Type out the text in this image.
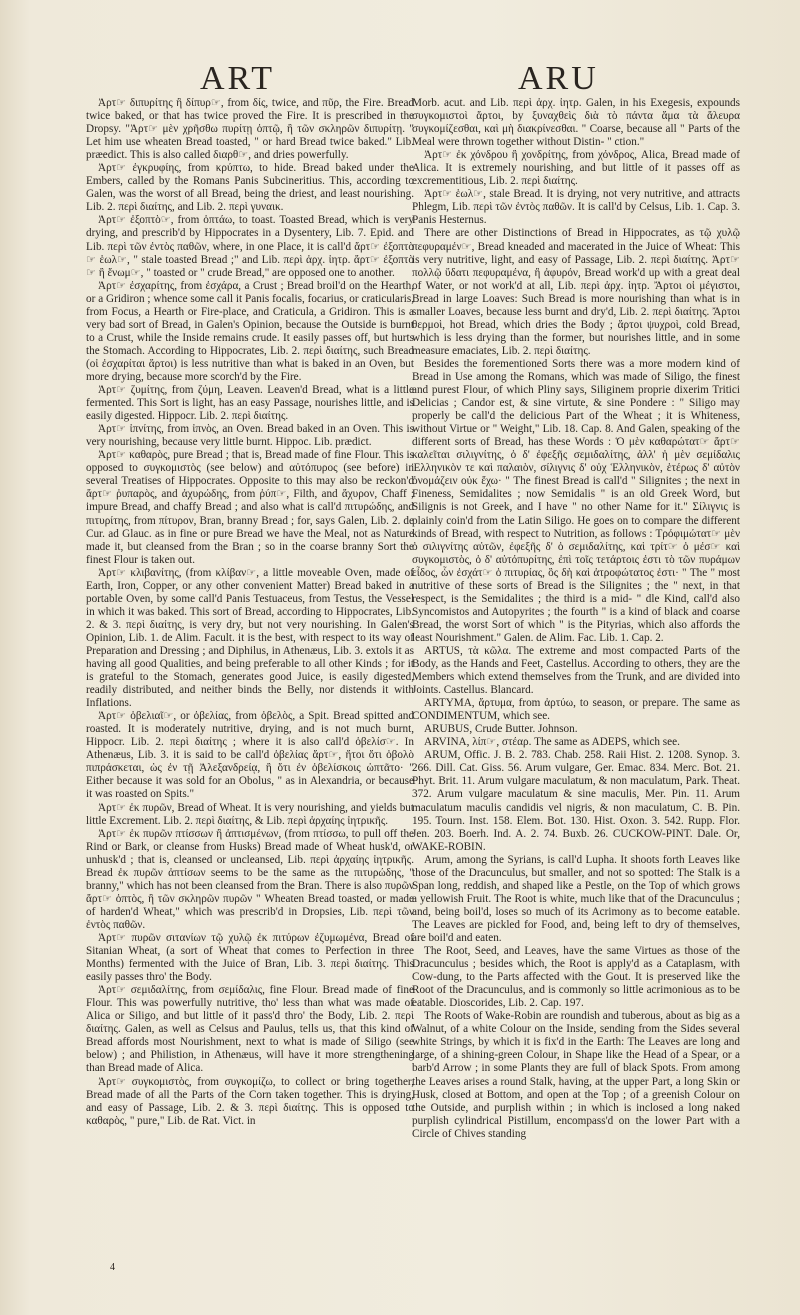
ART	ARU

Ἀρτ☞ διπυρίτης ἢ δίπυρ☞, from δίς, twice, and πῦρ, the Fire. Bread twice baked, or that has twice proved the Fire. It is prescribed in the Dropsy. "Ἀρτ☞ μὲν χρῆσθω πυρίτῃ ὀπτῷ, ἢ τῶν σκληρῶν διπυρίτῃ. " Let him use wheaten Bread toasted, " or hard Bread twice baked." Lib. præedict. This is also called διαρθ☞, and dries powerfully.

Ἀρτ☞ ἐγκρυφίης, from κρύπτω, to hide. Bread baked under the Embers, called by the Romans Panis Subcineritius. This, according to Galen, was the worst of all Bread, being the driest, and least nourishing. Lib. 2. περὶ διαίτης, and Lib. 2. περὶ γυναικ.

Ἀρτ☞ ἐξοπτὸ☞, from ὀπτάω, to toast. Toasted Bread, which is very drying, and prescrib'd by Hippocrates in a Dysentery, Lib. 7. Epid. and Lib. περὶ τῶν ἐντὸς παθῶν, where, in one Place, it is call'd ἄρτ☞ ἐξοπτὸ☞ ἑωλ☞, " stale toasted Bread ;" and Lib. περὶ ἀρχ. ἰητρ. ἄρτ☞ ἐξοπτὸ☞ ἢ ἔνωμ☞, " toasted or " crude Bread," are opposed one to another.

Ἀρτ☞ ἐσχαρίτης, from ἐσχάρα, a Crust ; Bread broil'd on the Hearth, or a Gridiron ; whence some call it Panis focalis, focarius, or craticularis, from Focus, a Hearth or Fire-place, and Craticula, a Gridiron. This is a very bad sort of Bread, in Galen's Opinion, because the Outside is burnt to a Crust, while the Inside remains crude. It easily passes off, but hurts the Stomach. According to Hippocrates, Lib. 2. περὶ διαίτης, such Bread (οἱ ἐσχαρίται ἄρτοι) is less nutritive than what is baked in an Oven, but more drying, because more scorch'd by the Fire.

Ἀρτ☞ ζυμίτης, from ζύμη, Leaven. Leaven'd Bread, what is a little fermented. This Sort is light, has an easy Passage, nourishes little, and is easily digested. Hippocr. Lib. 2. περὶ διαίτης.

Ἀρτ☞ ἰπνίτης, from ἰπνὸς, an Oven. Bread baked in an Oven. This is very nourishing, because very little burnt. Hippoc. Lib. prædict.

Ἀρτ☞ καθαρὸς, pure Bread ; that is, Bread made of fine Flour. This is opposed to συγκομιστὸς (see below) and αὐτόπυρος (see before) in several Treatises of Hippocrates. Opposite to this may also be reckon'd ἄρτ☞ ῥυπαρὸς, and ἀχυρώδης, from ῥύπ☞, Filth, and ἄχυρον, Chaff ; impure Bread, and chaffy Bread ; and also what is call'd πιτυρώδης, and πιτυρίτης, from πίτυρον, Bran, branny Bread ; for, says Galen, Lib. 2. de Cur. ad Glauc. as in fine or pure Bread we have the Meal, not as Nature made it, but cleansed from the Bran ; so in the coarse branny Sort the finest Flour is taken out.

Ἀρτ☞ κλιβανίτης, (from κλίβαν☞, a little moveable Oven, made of Earth, Iron, Copper, or any other convenient Matter) Bread baked in a portable Oven, by some call'd Panis Testuaceus, from Testus, the Vessel in which it was baked. This sort of Bread, according to Hippocrates, Lib. 2. & 3. περὶ διαίτης, is very dry, but not very nourishing. In Galen's Opinion, Lib. 1. de Alim. Facult. it is the best, with respect to its way of Preparation and Dressing ; and Diphilus, in Athenæus, Lib. 3. extols it as having all good Qualities, and being preferable to all other Kinds ; for it is grateful to the Stomach, generates good Juice, is easily digested, readily distributed, and neither binds the Belly, nor distends it with Inflations.

Ἀρτ☞ ὀβελιαῖ☞, or ὀβελίας, from ὀβελὸς, a Spit. Bread spitted and roasted. It is moderately nutritive, drying, and is not much burnt, Hippocr. Lib. 2. περὶ διαίτης ; where it is also call'd ὀβελίσ☞. In Athenæus, Lib. 3. it is said to be call'd ὀβελίας ἄρτ☞, ἤτοι ὅτι ὀβολὸ πιπράσκεται, ὡς ἐν τῇ Ἀλεξανδρείᾳ, ἢ ὅτι ἐν ὀβελίσκοις ὠπτᾶτο· " Either because it was sold for an Obolus, " as in Alexandria, or because it was roasted on Spits."

Ἀρτ☞ ἐκ πυρῶν, Bread of Wheat. It is very nourishing, and yields but little Excrement. Lib. 2. περὶ διαίτης, & Lib. περὶ ἀρχαίης ἰητρικῆς.

Ἀρτ☞ ἐκ πυρῶν πτίσσων ἢ ἀπτισμένων, (from πτίσσω, to pull off the Rind or Bark, or cleanse from Husks) Bread made of Wheat husk'd, or unhusk'd ; that is, cleansed or uncleansed, Lib. περὶ ἀρχαίης ἰητρικῆς. Bread ἐκ πυρῶν ἀπτίσων seems to be the same as the πιτυρώδης, " branny," which has not been cleansed from the Bran. There is also πυρῶν ἄρτ☞ ὀπτὸς, ἢ τῶν σκληρῶν πυρῶν " Wheaten Bread toasted, or made of harden'd Wheat," which was prescrib'd in Dropsies, Lib. περὶ τῶν ἐντὸς παθῶν.

Ἀρτ☞ πυρῶν σιτανίων τῷ χυλῷ ἐκ πιτύρων ἐζυμωμένα, Bread of Sitanian Wheat, (a sort of Wheat that comes to Perfection in three Months) fermented with the Juice of Bran, Lib. 3. περὶ διαίτης. This easily passes thro' the Body.

Ἀρτ☞ σεμιδαλίτης, from σεμίδαλις, fine Flour. Bread made of fine Flour. This was powerfully nutritive, tho' less than what was made of Alica or Siligo, and but little of it pass'd thro' the Body, Lib. 2. περὶ διαίτης. Galen, as well as Celsus and Paulus, tells us, that this kind of Bread affords most Nourishment, next to what is made of Siligo (see below) ; and Philistion, in Athenæus, will have it more strengthening than Bread made of Alica.

Ἀρτ☞ συγκομιστὸς, from συγκομίζω, to collect or bring together, Bread made of all the Parts of the Corn taken together. This is drying, and easy of Passage, Lib. 2. & 3. περὶ διαίτης. This is opposed to καθαρὸς, " pure," Lib. de Rat. Vict. in

Morb. acut. and Lib. περὶ ἀρχ. ἰητρ. Galen, in his Exegesis, expounds συγκομιστοὶ ἄρτοι, by ξυναχθεὶς διὰ τὸ πάντα ἅμα τὰ ἄλευρα συγκομίζεσθαι, καὶ μὴ διακρίνεσθαι. " Coarse, because all " Parts of the Meal were thrown together without Distin- " ction."

Ἀρτ☞ ἐκ χόνδρου ἢ χονδρίτης, from χόνδρος, Alica, Bread made of Alica. It is extremely nourishing, and but little of it passes off as excrementitious, Lib. 2. περὶ διαίτης.

Ἀρτ☞ ἑωλ☞, stale Bread. It is drying, not very nutritive, and attracts Phlegm, Lib. περὶ τῶν ἐντὸς παθῶν. It is call'd by Celsus, Lib. 1. Cap. 3. Panis Hesternus.

There are other Distinctions of Bread in Hippocrates, as τῷ χυλῷ πεφυραμέν☞, Bread kneaded and macerated in the Juice of Wheat: This is very nutritive, light, and easy of Passage, Lib. 2. περὶ διαίτης. Ἀρτ☞ πολλῷ ὕδατι πεφυραμένα, ἢ ἀφυρόν, Bread work'd up with a great deal of Water, or not work'd at all, Lib. περὶ ἀρχ. ἰητρ. Ἄρτοι οἱ μέγιστοι, Bread in large Loaves: Such Bread is more nourishing than what is in smaller Loaves, because less burnt and dry'd, Lib. 2. περὶ διαίτης. Ἄρτοι θερμοὶ, hot Bread, which dries the Body ; ἄρτοι ψυχροὶ, cold Bread, which is less drying than the former, but nourishes little, and in some measure emaciates, Lib. 2. περὶ διαίτης.

Besides the forementioned Sorts there was a more modern kind of Bread in Use among the Romans, which was made of Siligo, the finest and purest Flour, of which Pliny says, Siliginem proprie dixerim Tritici Delicias ; Candor est, & sine virtute, & sine Pondere : " Siligo may properly be call'd the delicious Part of the Wheat ; it is Whiteness, without Virtue or " Weight," Lib. 18. Cap. 8. And Galen, speaking of the different sorts of Bread, has these Words : Ὁ μὲν καθαρώτατ☞ ἄρτ☞ καλεῖται σιλιγνίτης, ὁ δ' ἐφεξῆς σεμιδαλίτης, ἀλλ' ἡ μὲν σεμίδαλις Ἑλληνικὸν τε καὶ παλαιὸν, σίλιγνις δ' οὐχ Ἑλληνικὸν, ἑτέρως δ' αὐτὸν ὀνομάζειν οὐκ ἔχω· " The finest Bread is call'd " Silignites ; the next in Fineness, Semidalites ; now Semidalis " is an old Greek Word, but Silignis is not Greek, and I have " no other Name for it." Σίλιγνις is plainly coin'd from the Latin Siligo. He goes on to compare the different kinds of Bread, with respect to Nutrition, as follows : Τρόφιμώτατ☞ μὲν ὁ σιλιγνίτης αὐτῶν, ἐφεξῆς δ' ὁ σεμιδαλίτης, καὶ τρίτ☞ ὁ μέσ☞ καὶ συγκομιστὸς, ὁ δ' αὐτόπυρίτης, ἐπὶ τοῖς τετάρτοις ἐστι τὸ τῶν πυράμων εἶδος, ὧν ἐσχάτ☞ ὁ πιτυρίας, ὃς δὴ καὶ ἀτροφώτατος ἐστι· " The " most nutritive of these sorts of Bread is the Silignites ; the " next, in that respect, is the Semidalites ; the third is a mid- " dle Kind, call'd also Syncomistos and Autopyrites ; the fourth " is a kind of black and coarse Bread, the worst Sort of which " is the Pityrias, which also affords the least Nourishment." Galen. de Alim. Fac. Lib. 1. Cap. 2.

ARTUS, τὰ κῶλα. The extreme and most compacted Parts of the Body, as the Hands and Feet, Castellus. According to others, they are the Members which extend themselves from the Trunk, and are divided into Joints. Castellus. Blancard.

ARTYMA, ἄρτυμα, from ἀρτύω, to season, or prepare. The same as CONDIMENTUM, which see.

ARUBUS, Crude Butter. Johnson.

ARVINA, λίπ☞, στέαρ. The same as ADEPS, which see.

ARUM, Offic. J. B. 2. 783. Chab. 258. Raii Hist. 2. 1208. Synop. 3. 266. Dill. Cat. Giss. 56. Arum vulgare, Ger. Emac. 834. Merc. Bot. 21. Phyt. Brit. 11. Arum vulgare maculatum, & non maculatum, Park. Theat. 372. Arum vulgare maculatum & sine maculis, Mer. Pin. 11. Arum maculatum maculis candidis vel nigris, & non maculatum, C. B. Pin. 195. Tourn. Inst. 158. Elem. Bot. 130. Hist. Oxon. 3. 542. Rupp. Flor. Jen. 203. Boerh. Ind. A. 2. 74. Buxb. 26. CUCKOW-PINT. Dale. Or, WAKE-ROBIN.

Arum, among the Syrians, is call'd Lupha. It shoots forth Leaves like those of the Dracunculus, but smaller, and not so spotted: The Stalk is a Span long, reddish, and shaped like a Pestle, on the Top of which grows a yellowish Fruit. The Root is white, much like that of the Dracunculus ; and, being boil'd, loses so much of its Acrimony as to become eatable. The Leaves are pickled for Food, and, being left to dry of themselves, are boil'd and eaten.

The Root, Seed, and Leaves, have the same Virtues as those of the Dracunculus ; besides which, the Root is apply'd as a Cataplasm, with Cow-dung, to the Parts affected with the Gout. It is preserved like the Root of the Dracunculus, and is commonly so little acrimonious as to be eatable. Dioscorides, Lib. 2. Cap. 197.

The Roots of Wake-Robin are roundish and tuberous, about as big as a Walnut, of a white Colour on the Inside, sending from the Sides several white Strings, by which it is fix'd in the Earth: The Leaves are long and large, of a shining-green Colour, in Shape like the Head of a Spear, or a barb'd Arrow ; in some Plants they are full of black Spots. From among the Leaves arises a round Stalk, having, at the upper Part, a long Skin or Husk, closed at Bottom, and open at the Top ; of a greenish Colour on the Outside, and purplish within ; in which is inclosed a long naked purplish cylindrical Pistillum, encompass'd on the lower Part with a Circle of Chives standing

4
